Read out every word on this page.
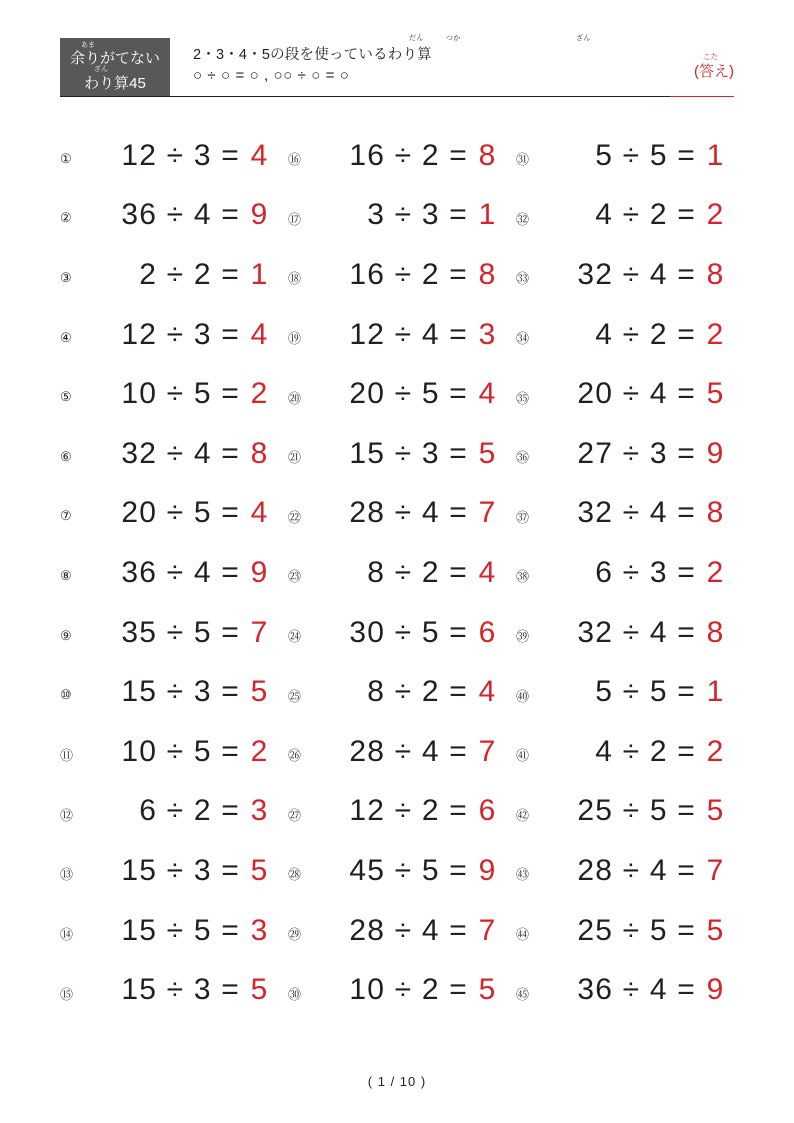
あま
余りがてない
ざん
わり算45
だん	つか	ざん
2・3・4・5の段を使っているわり算
○ ÷ ○ = ○ , ○○ ÷ ○ = ○
こた
(答え)
①	12 ÷ 3 = 4
②	36 ÷ 4 = 9
③	2 ÷ 2 = 1
④	12 ÷ 3 = 4
⑤	10 ÷ 5 = 2
⑥	32 ÷ 4 = 8
⑦	20 ÷ 5 = 4
⑧	36 ÷ 4 = 9
⑨	35 ÷ 5 = 7
⑩	15 ÷ 3 = 5
⑪	10 ÷ 5 = 2
⑫	6 ÷ 2 = 3
⑬	15 ÷ 3 = 5
⑭	15 ÷ 5 = 3
⑮	15 ÷ 3 = 5
⑯	16 ÷ 2 = 8
⑰	3 ÷ 3 = 1
⑱	16 ÷ 2 = 8
⑲	12 ÷ 4 = 3
⑳	20 ÷ 5 = 4
㉑	15 ÷ 3 = 5
㉒	28 ÷ 4 = 7
㉓	8 ÷ 2 = 4
㉔	30 ÷ 5 = 6
㉕	8 ÷ 2 = 4
㉖	28 ÷ 4 = 7
㉗	12 ÷ 2 = 6
㉘	45 ÷ 5 = 9
㉙	28 ÷ 4 = 7
㉚	10 ÷ 2 = 5
㉛	5 ÷ 5 = 1
㉜	4 ÷ 2 = 2
㉝	32 ÷ 4 = 8
㉞	4 ÷ 2 = 2
㉟	20 ÷ 4 = 5
㊱	27 ÷ 3 = 9
㊲	32 ÷ 4 = 8
㊳	6 ÷ 3 = 2
㊴	32 ÷ 4 = 8
㊵	5 ÷ 5 = 1
㊶	4 ÷ 2 = 2
㊷	25 ÷ 5 = 5
㊸	28 ÷ 4 = 7
㊹	25 ÷ 5 = 5
㊺	36 ÷ 4 = 9
( 1 / 10 )
